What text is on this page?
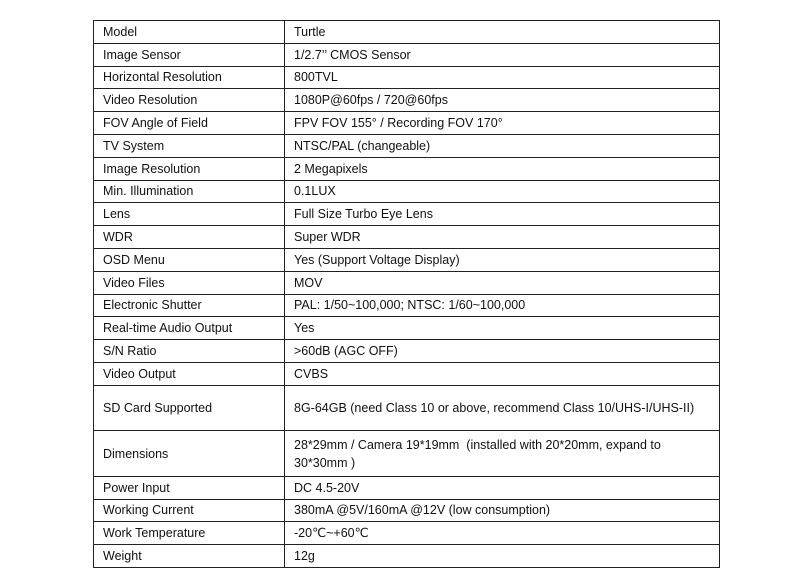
Model	Turtle
Image Sensor	1/2.7’’ CMOS Sensor
Horizontal Resolution	800TVL
Video Resolution	1080P@60fps / 720@60fps
FOV Angle of Field	FPV FOV 155° / Recording FOV 170°
TV System	NTSC/PAL (changeable)
Image Resolution	2 Megapixels
Min. Illumination	0.1LUX
Lens	Full Size Turbo Eye Lens
WDR	Super WDR
OSD Menu	Yes (Support Voltage Display)
Video Files	MOV
Electronic Shutter	PAL: 1/50~100,000; NTSC: 1/60~100,000
Real-time Audio Output	Yes
S/N Ratio	>60dB (AGC OFF)
Video Output	CVBS
SD Card Supported	8G-64GB (need Class 10 or above, recommend Class 10/UHS-I/UHS-II)
Dimensions	28*29mm / Camera 19*19mm  (installed with 20*20mm, expand to 30*30mm )
Power Input	DC 4.5-20V
Working Current	380mA @5V/160mA @12V (low consumption)
Work Temperature	-20℃~+60℃
Weight	12g
